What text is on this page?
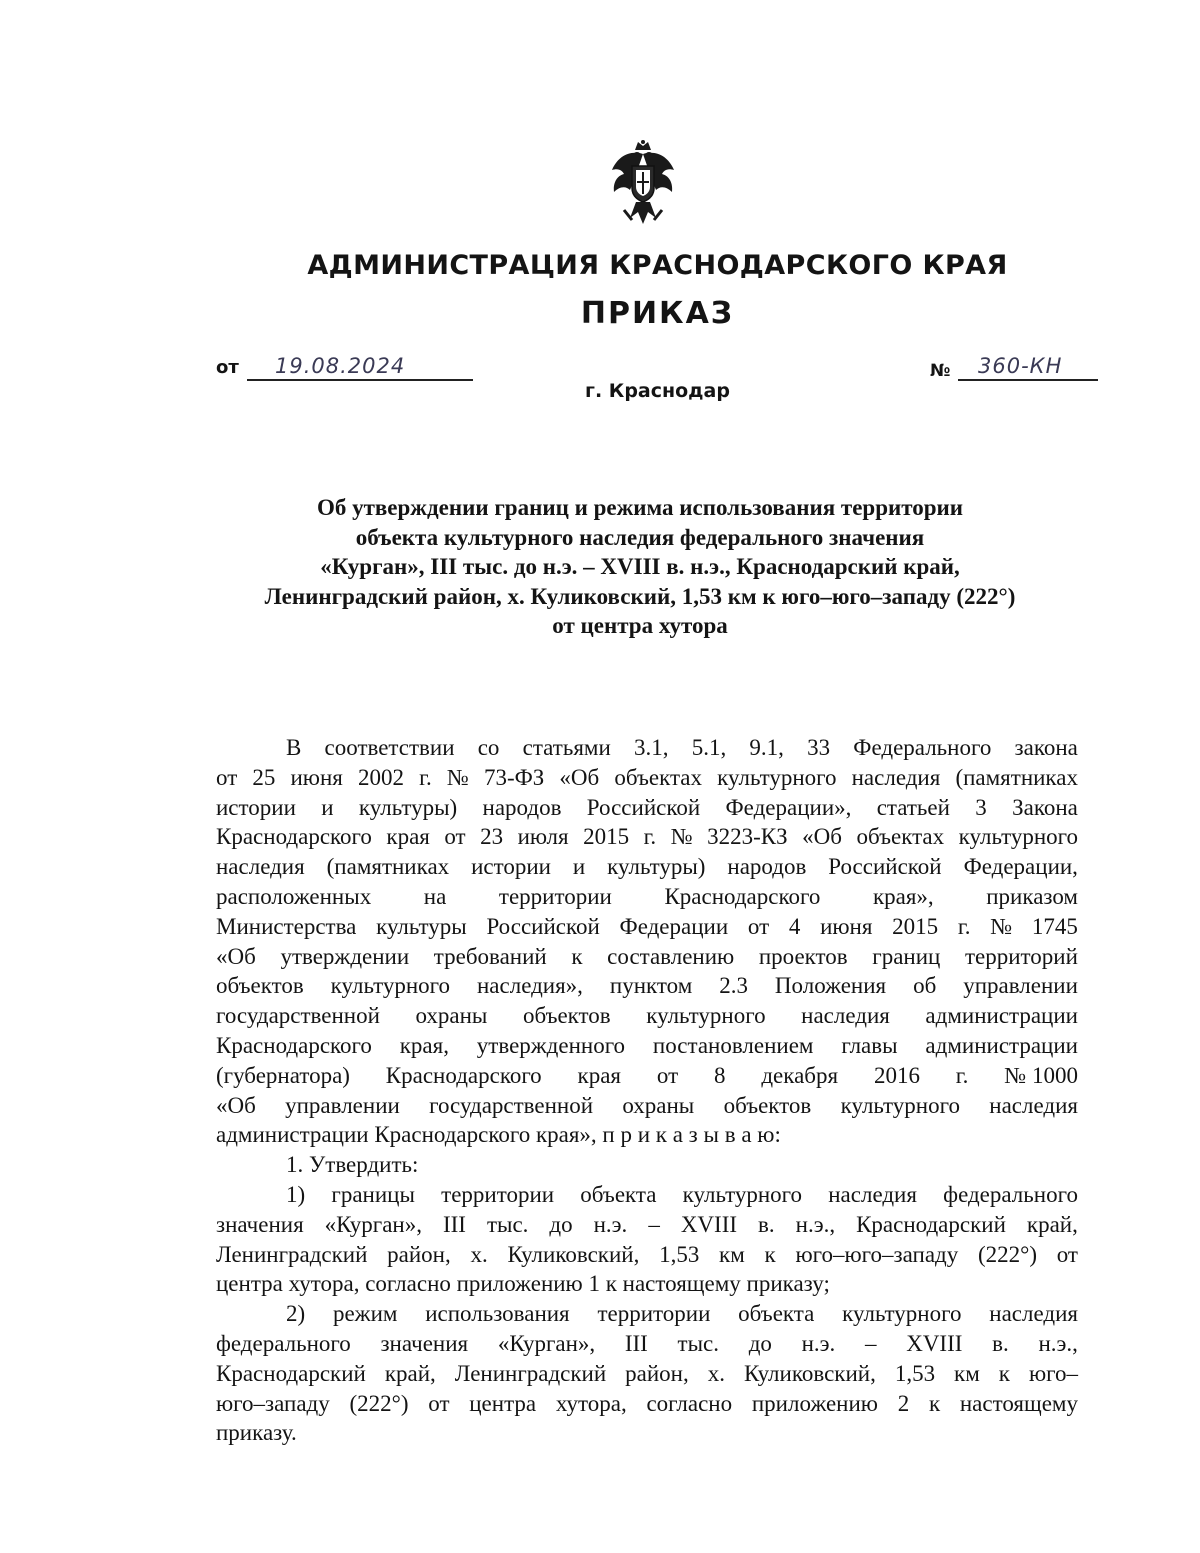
АДМИНИСТРАЦИЯ КРАСНОДАРСКОГО КРАЯ
ПРИКАЗ
от 19.08.2024	№ 360-КН
г. Краснодар
Об утверждении границ и режима использования территории
объекта культурного наследия федерального значения
«Курган», III тыс. до н.э. – XVIII в. н.э., Краснодарский край,
Ленинградский район, х. Куликовский, 1,53 км к юго–юго–западу (222°)
от центра хутора
В соответствии со статьями 3.1, 5.1, 9.1, 33 Федерального закона
от 25 июня 2002 г. № 73-ФЗ «Об объектах культурного наследия (памятниках
истории и культуры) народов Российской Федерации», статьей 3 Закона
Краснодарского края от 23 июля 2015 г. № 3223-КЗ «Об объектах культурного
наследия (памятниках истории и культуры) народов Российской Федерации,
расположенных на территории Краснодарского края», приказом
Министерства культуры Российской Федерации от 4 июня 2015 г. № 1745
«Об утверждении требований к составлению проектов границ территорий
объектов культурного наследия», пунктом 2.3 Положения об управлении
государственной охраны объектов культурного наследия администрации
Краснодарского края, утвержденного постановлением главы администрации
(губернатора) Краснодарского края от 8 декабря 2016 г. № 1000
«Об управлении государственной охраны объектов культурного наследия
администрации Краснодарского края», п р и к а з ы в а ю:
1. Утвердить:
1) границы территории объекта культурного наследия федерального
значения «Курган», III тыс. до н.э. – XVIII в. н.э., Краснодарский край,
Ленинградский район, х. Куликовский, 1,53 км к юго–юго–западу (222°) от
центра хутора, согласно приложению 1 к настоящему приказу;
2) режим использования территории объекта культурного наследия
федерального значения «Курган», III тыс. до н.э. – XVIII в. н.э.,
Краснодарский край, Ленинградский район, х. Куликовский, 1,53 км к юго–
юго–западу (222°) от центра хутора, согласно приложению 2 к настоящему
приказу.
